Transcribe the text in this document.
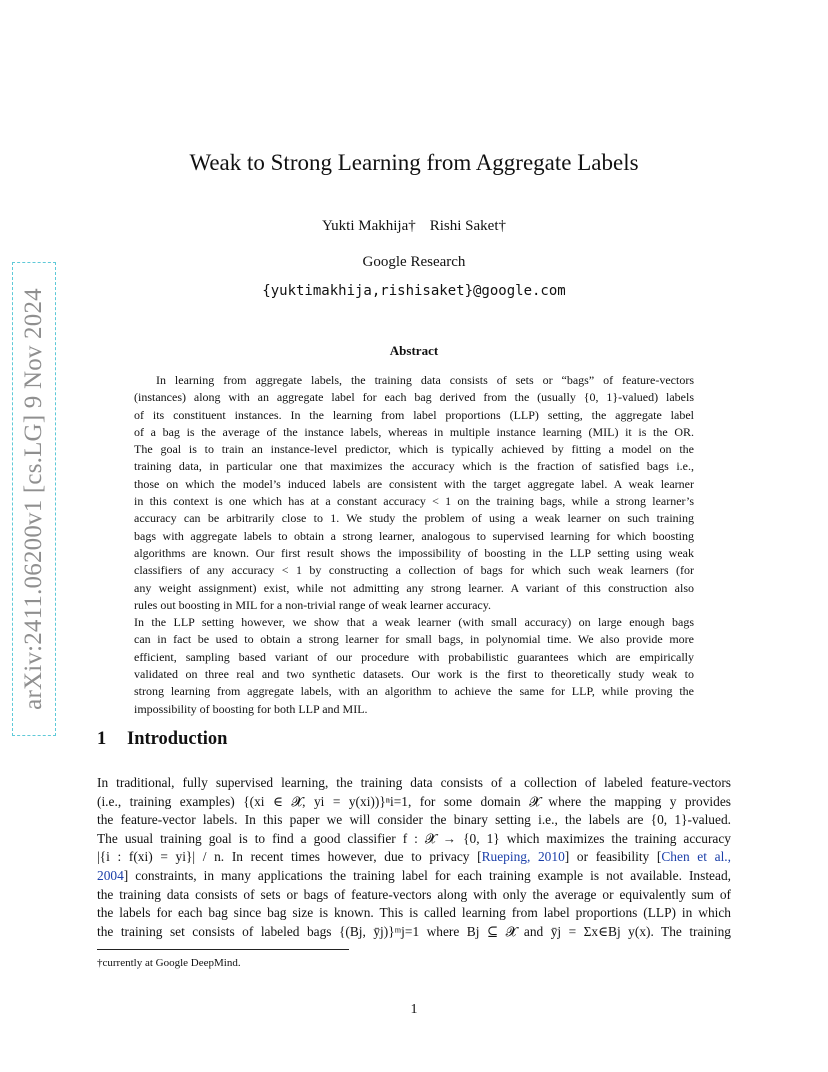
arXiv:2411.06200v1 [cs.LG] 9 Nov 2024
Weak to Strong Learning from Aggregate Labels
Yukti Makhija† Rishi Saket†
Google Research
{yuktimakhija,rishisaket}@google.com
Abstract
In learning from aggregate labels, the training data consists of sets or “bags” of feature-vectors
(instances) along with an aggregate label for each bag derived from the (usually {0, 1}-valued) labels
of its constituent instances. In the learning from label proportions (LLP) setting, the aggregate label
of a bag is the average of the instance labels, whereas in multiple instance learning (MIL) it is the OR.
The goal is to train an instance-level predictor, which is typically achieved by fitting a model on the
training data, in particular one that maximizes the accuracy which is the fraction of satisfied bags i.e.,
those on which the model’s induced labels are consistent with the target aggregate label. A weak learner
in this context is one which has at a constant accuracy < 1 on the training bags, while a strong learner’s
accuracy can be arbitrarily close to 1. We study the problem of using a weak learner on such training
bags with aggregate labels to obtain a strong learner, analogous to supervised learning for which boosting
algorithms are known. Our first result shows the impossibility of boosting in the LLP setting using weak
classifiers of any accuracy < 1 by constructing a collection of bags for which such weak learners (for
any weight assignment) exist, while not admitting any strong learner. A variant of this construction also
rules out boosting in MIL for a non-trivial range of weak learner accuracy.
In the LLP setting however, we show that a weak learner (with small accuracy) on large enough bags
can in fact be used to obtain a strong learner for small bags, in polynomial time. We also provide more
efficient, sampling based variant of our procedure with probabilistic guarantees which are empirically
validated on three real and two synthetic datasets. Our work is the first to theoretically study weak to
strong learning from aggregate labels, with an algorithm to achieve the same for LLP, while proving the
impossibility of boosting for both LLP and MIL.
1 Introduction
In traditional, fully supervised learning, the training data consists of a collection of labeled feature-vectors
(i.e., training examples) {(xi ∈ 𝓧, yi = y(xi))}ⁿi=1, for some domain 𝓧 where the mapping y provides
the feature-vector labels. In this paper we will consider the binary setting i.e., the labels are {0, 1}-valued.
The usual training goal is to find a good classifier f : 𝓧 → {0, 1} which maximizes the training accuracy
|{i : f(xi) = yi}| / n. In recent times however, due to privacy [Rueping, 2010] or feasibility [Chen et al.,
2004] constraints, in many applications the training label for each training example is not available. Instead,
the training data consists of sets or bags of feature-vectors along with only the average or equivalently sum of
the labels for each bag since bag size is known. This is called learning from label proportions (LLP) in which
the training set consists of labeled bags {(Bj, ȳj)}ᵐj=1 where Bj ⊆ 𝓧 and ȳj = Σx∈Bj y(x). The training
†currently at Google DeepMind.
1
